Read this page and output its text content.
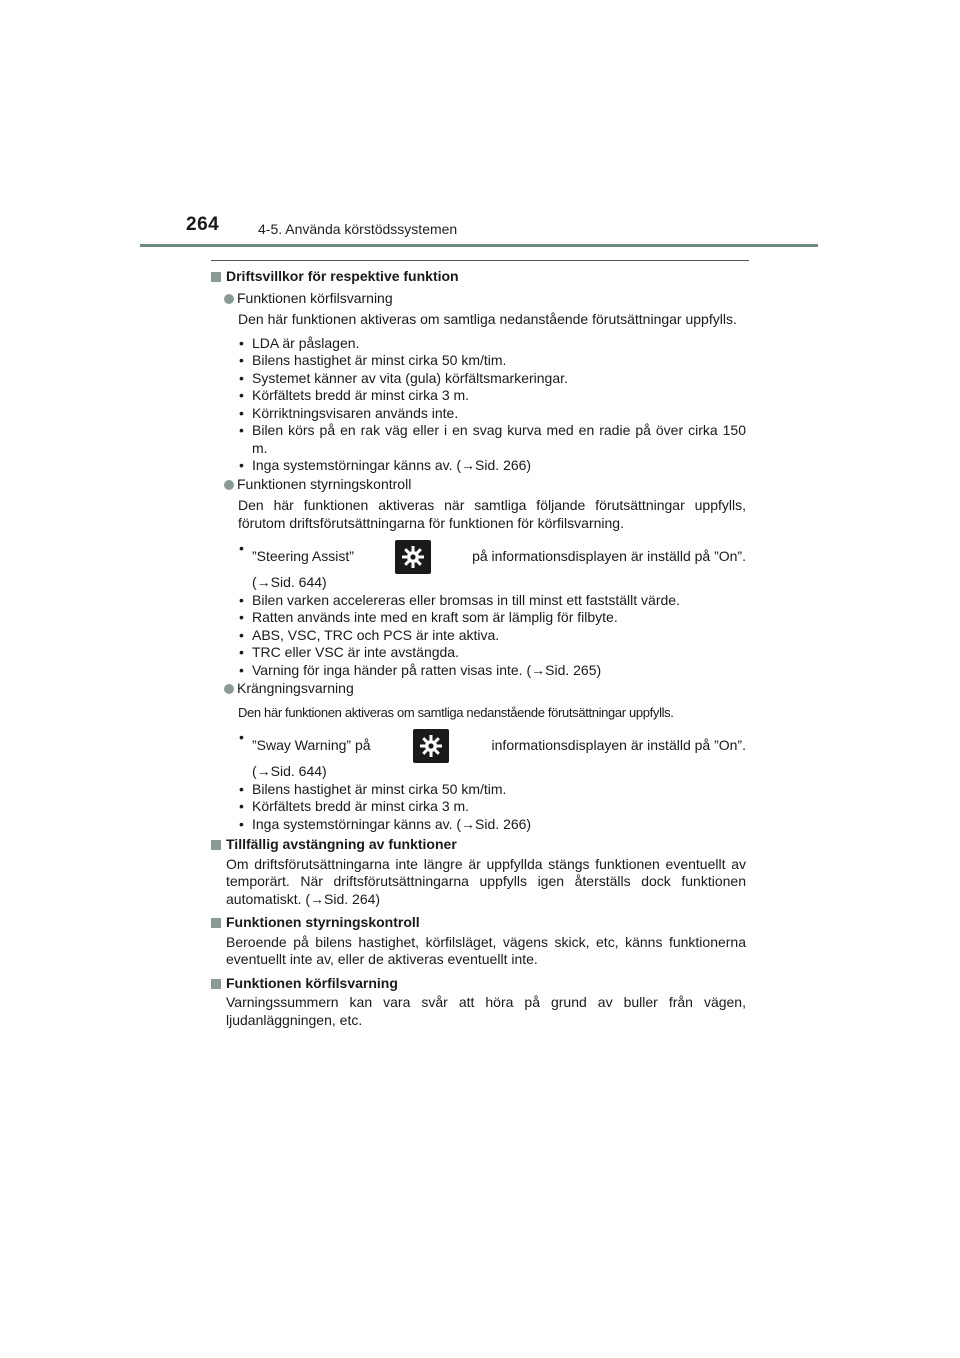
264	4-5. Använda körstödssystemen
Driftsvillkor för respektive funktion
Funktionen körfilsvarning
Den här funktionen aktiveras om samtliga nedanstående förutsättningar uppfylls.
• LDA är påslagen.
• Bilens hastighet är minst cirka 50 km/tim.
• Systemet känner av vita (gula) körfältsmarkeringar.
• Körfältets bredd är minst cirka 3 m.
• Körriktningsvisaren används inte.
• Bilen körs på en rak väg eller i en svag kurva med en radie på över cirka 150 m.
• Inga systemstörningar känns av. (→Sid. 266)
Funktionen styrningskontroll
Den här funktionen aktiveras när samtliga följande förutsättningar uppfylls, förutom driftsförutsättningarna för funktionen för körfilsvarning.
•
”Steering Assist”	på informationsdisplayen är inställd på ”On”.
(→Sid. 644)
• Bilen varken accelereras eller bromsas in till minst ett fastställt värde.
• Ratten används inte med en kraft som är lämplig för filbyte.
• ABS, VSC, TRC och PCS är inte aktiva.
• TRC eller VSC är inte avstängda.
• Varning för inga händer på ratten visas inte. (→Sid. 265)
Krängningsvarning
Den här funktionen aktiveras om samtliga nedanstående förutsättningar uppfylls.
•
”Sway Warning” på	informationsdisplayen är inställd på ”On”.
(→Sid. 644)
• Bilens hastighet är minst cirka 50 km/tim.
• Körfältets bredd är minst cirka 3 m.
• Inga systemstörningar känns av. (→Sid. 266)
Tillfällig avstängning av funktioner
Om driftsförutsättningarna inte längre är uppfyllda stängs funktionen eventuellt av temporärt. När driftsförutsättningarna uppfylls igen återställs dock funktionen automatiskt. (→Sid. 264)
Funktionen styrningskontroll
Beroende på bilens hastighet, körfilsläget, vägens skick, etc, känns funktionerna eventuellt inte av, eller de aktiveras eventuellt inte.
Funktionen körfilsvarning
Varningssummern kan vara svår att höra på grund av buller från vägen, ljudanläggningen, etc.
